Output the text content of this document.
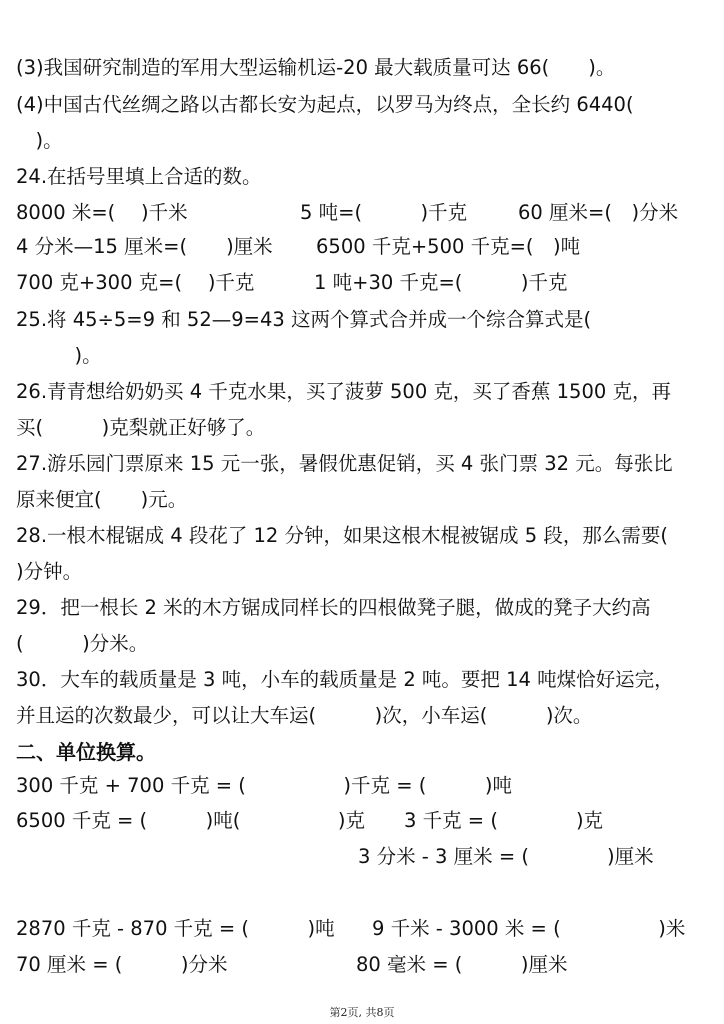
(3)我国研究制造的军用大型运输机运-20 最大载质量可达 66(　　)。
(4)中国古代丝绸之路以古都长安为起点，以罗马为终点，全长约 6440(
　)。
24.在括号里填上合适的数。
8000 米=(　 )千米	5 吨=(　　　)千克	60 厘米=(　)分米
4 分米—15 厘米=(　　)厘米 6500 千克+500 千克=(　)吨
700 克+300 克=(　 )千克	1 吨+30 千克=(　　　)千克
25.将 45÷5=9 和 52—9=43 这两个算式合并成一个综合算式是(
　　　)。
26.青青想给奶奶买 4 千克水果，买了菠萝 500 克，买了香蕉 1500 克，再
买(　　　)克梨就正好够了。
27.游乐园门票原来 15 元一张，暑假优惠促销，买 4 张门票 32 元。每张比
原来便宜(　　)元。
28.一根木棍锯成 4 段花了 12 分钟，如果这根木棍被锯成 5 段，那么需要(
)分钟。
29．把一根长 2 米的木方锯成同样长的四根做凳子腿，做成的凳子大约高
(　　　)分米。
30．大车的载质量是 3 吨，小车的载质量是 2 吨。要把 14 吨煤恰好运完，
并且运的次数最少，可以让大车运(　　　)次，小车运(　　　)次。
二、单位换算。
300 千克 + 700 千克 = (　　　　　)千克 = (　　　)吨
6500 千克 = (　　　)吨(　　　　　)克 3 千克 = (　　　　)克
3 分米 - 3 厘米 = (　　　　)厘米
2870 千克 - 870 千克 = (　　　)吨 9 千米 - 3000 米 = (　　　　　)米
70 厘米 = (　　　)分米	80 毫米 = (　　　)厘米
第2页, 共8页
